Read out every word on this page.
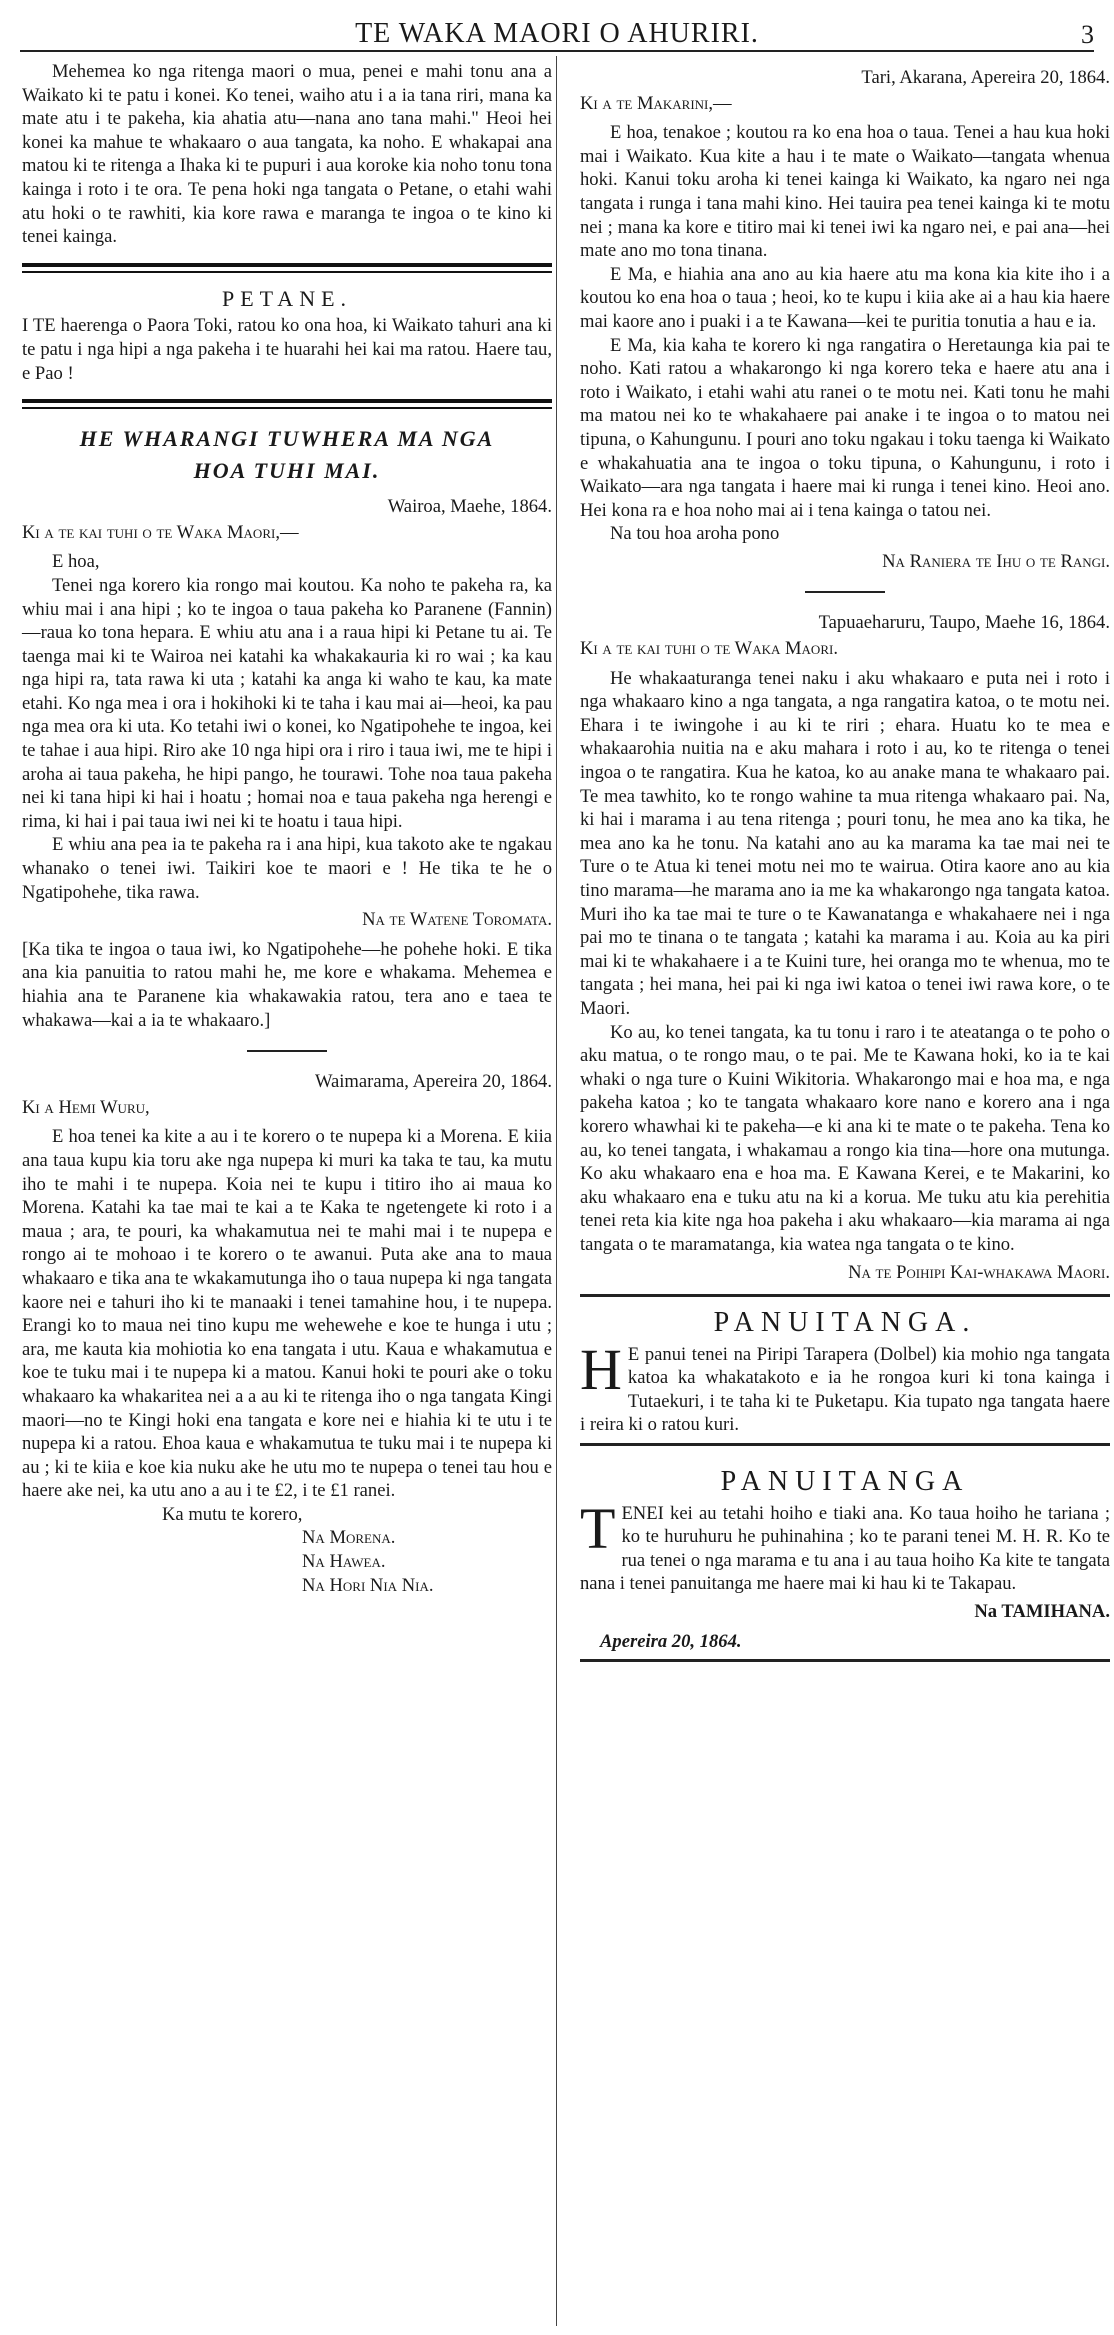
TE WAKA MAORI O AHURIRI.	3

Mehemea ko nga ritenga maori o mua, penei e mahi tonu ana a Waikato ki te patu i konei. Ko tenei, waiho atu i a ia tana riri, mana ka mate atu i te pakeha, kia ahatia atu—nana ano tana mahi." Heoi hei konei ka mahue te whakaaro o aua tangata, ka noho. E whakapai ana matou ki te ritenga a Ihaka ki te pupuri i aua koroke kia noho tonu tona kainga i roto i te ora. Te pena hoki nga tangata o Petane, o etahi wahi atu hoki o te rawhiti, kia kore rawa e maranga te ingoa o te kino ki tenei kainga.

PETANE.

I TE haerenga o Paora Toki, ratou ko ona hoa, ki Waikato tahuri ana ki te patu i nga hipi a nga pakeha i te huarahi hei kai ma ratou. Haere tau, e Pao !

HE WHARANGI TUWHERA MA NGA
HOA TUHI MAI.
Wairoa, Maehe, 1864.
Ki a te kai tuhi o te Waka Maori,—

E hoa,

Tenei nga korero kia rongo mai koutou. Ka noho te pakeha ra, ka whiu mai i ana hipi ; ko te ingoa o taua pakeha ko Paranene (Fannin)—raua ko tona hepara. E whiu atu ana i a raua hipi ki Petane tu ai. Te taenga mai ki te Wairoa nei katahi ka whakakauria ki ro wai ; ka kau nga hipi ra, tata rawa ki uta ; katahi ka anga ki waho te kau, ka mate etahi. Ko nga mea i ora i hokihoki ki te taha i kau mai ai—heoi, ka pau nga mea ora ki uta. Ko tetahi iwi o konei, ko Ngatipohehe te ingoa, kei te tahae i aua hipi. Riro ake 10 nga hipi ora i riro i taua iwi, me te hipi i aroha ai taua pakeha, he hipi pango, he tourawi. Tohe noa taua pakeha nei ki tana hipi ki hai i hoatu ; homai noa e taua pakeha nga herengi e rima, ki hai i pai taua iwi nei ki te hoatu i taua hipi.

E whiu ana pea ia te pakeha ra i ana hipi, kua takoto ake te ngakau whanako o tenei iwi. Taikiri koe te maori e ! He tika te he o Ngatipohehe, tika rawa.

Na te Watene Toromata.

[Ka tika te ingoa o taua iwi, ko Ngatipohehe—he pohehe hoki. E tika ana kia panuitia to ratou mahi he, me kore e whakama. Mehemea e hiahia ana te Paranene kia whakawakia ratou, tera ano e taea te whakawa—kai a ia te whakaaro.]

Waimarama, Apereira 20, 1864.
Ki a Hemi Wuru,

E hoa tenei ka kite a au i te korero o te nupepa ki a Morena. E kiia ana taua kupu kia toru ake nga nupepa ki muri ka taka te tau, ka mutu iho te mahi i te nupepa. Koia nei te kupu i titiro iho ai maua ko Morena. Katahi ka tae mai te kai a te Kaka te ngetengete ki roto i a maua ; ara, te pouri, ka whakamutua nei te mahi mai i te nupepa e rongo ai te mohoao i te korero o te awanui. Puta ake ana to maua whakaaro e tika ana te wkakamutunga iho o taua nupepa ki nga tangata kaore nei e tahuri iho ki te manaaki i tenei tamahine hou, i te nupepa. Erangi ko to maua nei tino kupu me wehewehe e koe te hunga i utu ; ara, me kauta kia mohiotia ko ena tangata i utu. Kaua e whakamutua e koe te tuku mai i te nupepa ki a matou. Kanui hoki te pouri ake o toku whakaaro ka whakaritea nei a a au ki te ritenga iho o nga tangata Kingi maori—no te Kingi hoki ena tangata e kore nei e hiahia ki te utu i te nupepa ki a ratou. Ehoa kaua e whakamutua te tuku mai i te nupepa ki au ; ki te kiia e koe kia nuku ake he utu mo te nupepa o tenei tau hou e haere ake nei, ka utu ano a au i te £2, i te £1 ranei.

Ka mutu te korero,

Na Morena.

Na Hawea.

Na Hori Nia Nia.

Tari, Akarana, Apereira 20, 1864.
Ki a te Makarini,—

E hoa, tenakoe ; koutou ra ko ena hoa o taua. Tenei a hau kua hoki mai i Waikato. Kua kite a hau i te mate o Waikato—tangata whenua hoki. Kanui toku aroha ki tenei kainga ki Waikato, ka ngaro nei nga tangata i runga i tana mahi kino. Hei tauira pea tenei kainga ki te motu nei ; mana ka kore e titiro mai ki tenei iwi ka ngaro nei, e pai ana—hei mate ano mo tona tinana.

E Ma, e hiahia ana ano au kia haere atu ma kona kia kite iho i a koutou ko ena hoa o taua ; heoi, ko te kupu i kiia ake ai a hau kia haere mai kaore ano i puaki i a te Kawana—kei te puritia tonutia a hau e ia.

E Ma, kia kaha te korero ki nga rangatira o Heretaunga kia pai te noho. Kati ratou a whakarongo ki nga korero teka e haere atu ana i roto i Waikato, i etahi wahi atu ranei o te motu nei. Kati tonu he mahi ma matou nei ko te whakahaere pai anake i te ingoa o to matou nei tipuna, o Kahungunu. I pouri ano toku ngakau i toku taenga ki Waikato e whakahuatia ana te ingoa o toku tipuna, o Kahungunu, i roto i Waikato—ara nga tangata i haere mai ki runga i tenei kino. Heoi ano. Hei kona ra e hoa noho mai ai i tena kainga o tatou nei.

Na tou hoa aroha pono

Na Raniera te Ihu o te Rangi.
Tapuaeharuru, Taupo, Maehe 16, 1864.
Ki a te kai tuhi o te Waka Maori.

He whakaaturanga tenei naku i aku whakaaro e puta nei i roto i nga whakaaro kino a nga tangata, a nga rangatira katoa, o te motu nei. Ehara i te iwingohe i au ki te riri ; ehara. Huatu ko te mea e whakaarohia nuitia na e aku mahara i roto i au, ko te ritenga o tenei ingoa o te rangatira. Kua he katoa, ko au anake mana te whakaaro pai. Te mea tawhito, ko te rongo wahine ta mua ritenga whakaaro pai. Na, ki hai i marama i au tena ritenga ; pouri tonu, he mea ano ka tika, he mea ano ka he tonu. Na katahi ano au ka marama ka tae mai nei te Ture o te Atua ki tenei motu nei mo te wairua. Otira kaore ano au kia tino marama—he marama ano ia me ka whakarongo nga tangata katoa. Muri iho ka tae mai te ture o te Kawanatanga e whakahaere nei i nga pai mo te tinana o te tangata ; katahi ka marama i au. Koia au ka piri mai ki te whakahaere i a te Kuini ture, hei oranga mo te whenua, mo te tangata ; hei mana, hei pai ki nga iwi katoa o tenei iwi rawa kore, o te Maori.

Ko au, ko tenei tangata, ka tu tonu i raro i te ateatanga o te poho o aku matua, o te rongo mau, o te pai. Me te Kawana hoki, ko ia te kai whaki o nga ture o Kuini Wikitoria. Whakarongo mai e hoa ma, e nga pakeha katoa ; ko te tangata whakaaro kore nano e korero ana i nga korero whawhai ki te pakeha—e ki ana ki te mate o te pakeha. Tena ko au, ko tenei tangata, i whakamau a rongo kia tina—hore ona mutunga. Ko aku whakaaro ena e hoa ma. E Kawana Kerei, e te Makarini, ko aku whakaaro ena e tuku atu na ki a korua. Me tuku atu kia perehitia tenei reta kia kite nga hoa pakeha i aku whakaaro—kia marama ai nga tangata o te maramatanga, kia watea nga tangata o te kino.

Na te Poihipi Kai-whakawa Maori.
PANUITANGA.

H E panui tenei na Piripi Tarapera (Dolbel) kia mohio nga tangata katoa ka whakatakoto e ia he rongoa kuri ki tona kainga i Tutaekuri, i te taha ki te Puketapu. Kia tupato nga tangata haere i reira ki o ratou kuri.

PANUITANGA

T ENEI kei au tetahi hoiho e tiaki ana. Ko taua hoiho he tariana ; ko te huruhuru he puhinahina ; ko te parani tenei M. H. R. Ko te rua tenei o nga marama e tu ana i au taua hoiho Ka kite te tangata nana i tenei panuitanga me haere mai ki hau ki te Takapau.

Na TAMIHANA.
Apereira 20, 1864.
